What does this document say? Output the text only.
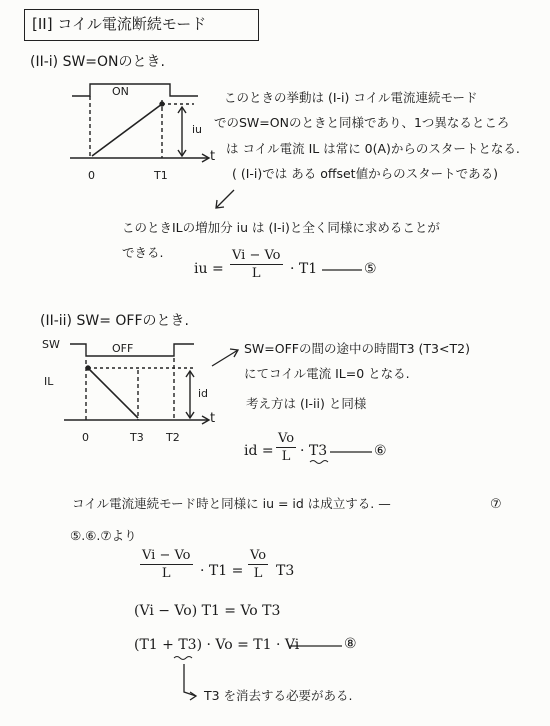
[II] コイル電流断続モード
(II-i) SW=ONのとき.
ON
t
0	T1
iu
このときの挙動は (I-i) コイル電流連続モード
でのSW=ONのときと同様であり、1つ異なるところ
は コイル電流 IL は常に 0(A)からのスタートとなる.
( (I-i)では ある offset値からのスタートである)
このときILの増加分 iu は (I-i)と全く同様に求めることが
できる.
iu = $\frac{Vi - Vo}{L} \cdot T1$	⑤
(II-ii) SW= OFFのとき.
SW	OFF
IL
id
t
0	T3 T2
SW=OFFの間の途中の時間T3 (T3<T2)
にてコイル電流 IL=0 となる.
考え方は (I-ii) と同様
id = $\frac{Vo}{L} \cdot T3$	⑥
コイル電流連続モード時と同様に iu = id は成立する. —	⑦
⑤.⑥.⑦より
$\frac{Vi - Vo}{L} \cdot T1 = \frac{Vo}{L} T3$
(Vi − Vo) T1 = Vo T3
(T1 + T3) · Vo = T1 · Vi	⑧
T3 を消去する必要がある.
